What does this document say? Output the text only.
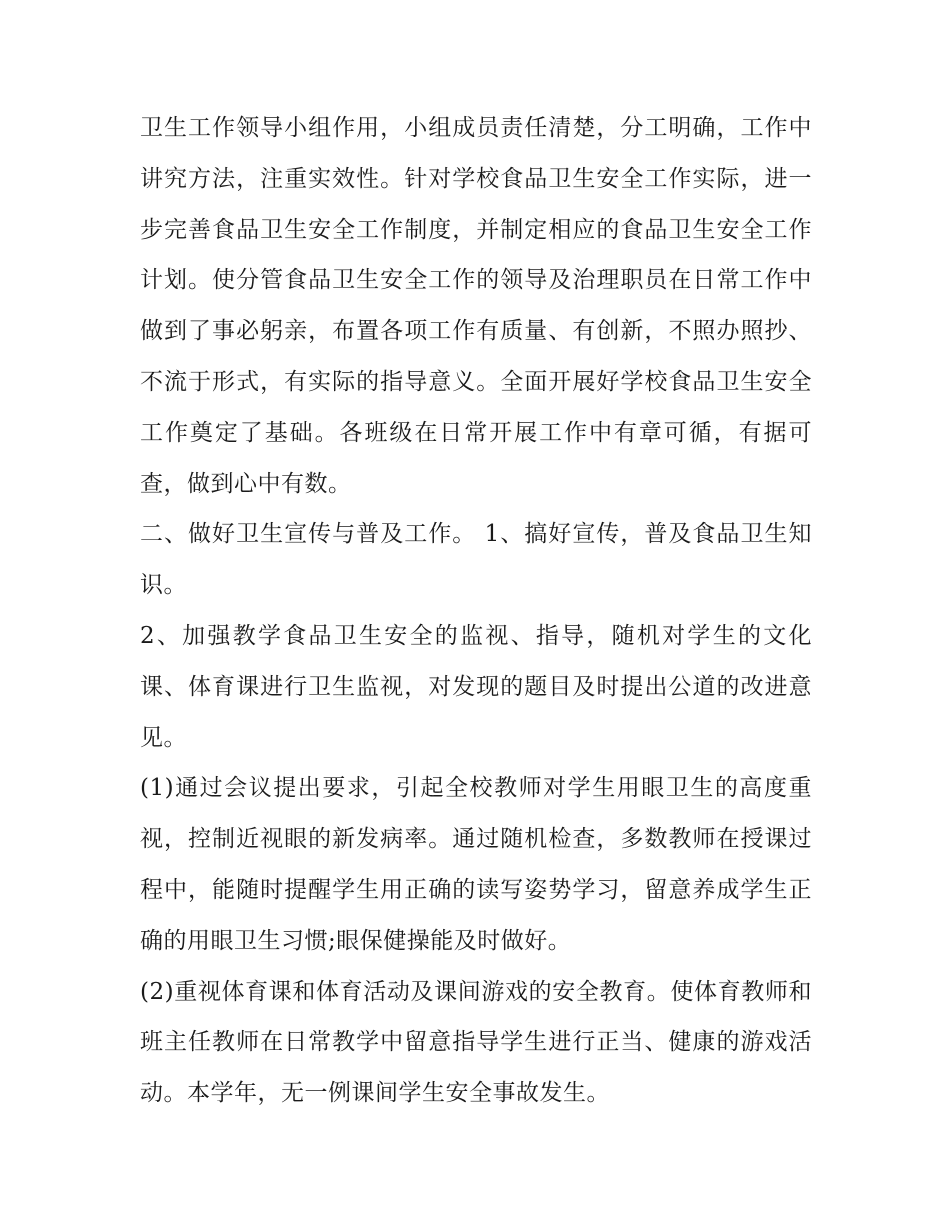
卫生工作领导小组作用，小组成员责任清楚，分工明确，工作中讲究方法，注重实效性。针对学校食品卫生安全工作实际，进一步完善食品卫生安全工作制度，并制定相应的食品卫生安全工作计划。使分管食品卫生安全工作的领导及治理职员在日常工作中做到了事必躬亲，布置各项工作有质量、有创新，不照办照抄、不流于形式，有实际的指导意义。全面开展好学校食品卫生安全工作奠定了基础。各班级在日常开展工作中有章可循，有据可查，做到心中有数。

二、做好卫生宣传与普及工作。 1、搞好宣传，普及食品卫生知识。

2、加强教学食品卫生安全的监视、指导，随机对学生的文化课、体育课进行卫生监视，对发现的题目及时提出公道的改进意见。

(1)通过会议提出要求，引起全校教师对学生用眼卫生的高度重视，控制近视眼的新发病率。通过随机检查，多数教师在授课过程中，能随时提醒学生用正确的读写姿势学习，留意养成学生正确的用眼卫生习惯;眼保健操能及时做好。

(2)重视体育课和体育活动及课间游戏的安全教育。使体育教师和班主任教师在日常教学中留意指导学生进行正当、健康的游戏活动。本学年，无一例课间学生安全事故发生。
